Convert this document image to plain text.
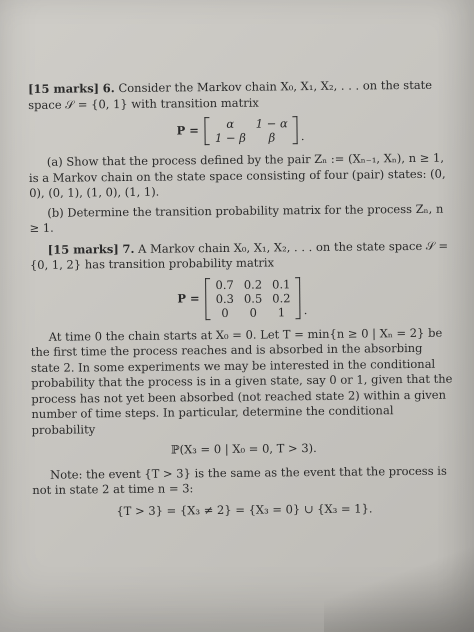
[15 marks] 6. Consider the Markov chain X₀, X₁, X₂, . . . on the state space 𝒮 = {0, 1} with transition matrix

P = α	1 − α
1 − β	β .

(a) Show that the process defined by the pair Zₙ := (Xₙ₋₁, Xₙ), n ≥ 1, is a Markov chain on the state space consisting of four (pair) states: (0, 0), (0, 1), (1, 0), (1, 1).

(b) Determine the transition probability matrix for the process Zₙ, n ≥ 1.

[15 marks] 7. A Markov chain X₀, X₁, X₂, . . . on the state space 𝒮 = {0, 1, 2} has transition probability matrix

P =
0.7	0.2	0.1
0.3	0.5	0.2
0	0	1 .

At time 0 the chain starts at X₀ = 0. Let T = min{n ≥ 0 | Xₙ = 2} be the first time the process reaches and is absorbed in the absorbing state 2. In some experiments we may be interested in the conditional probability that the process is in a given state, say 0 or 1, given that the process has not yet been absorbed (not reached state 2) within a given number of time steps. In particular, determine the conditional probability

ℙ(X₃ = 0 | X₀ = 0, T > 3).

Note: the event {T > 3} is the same as the event that the process is not in state 2 at time n = 3:

{T > 3} = {X₃ ≠ 2} = {X₃ = 0} ∪ {X₃ = 1}.
